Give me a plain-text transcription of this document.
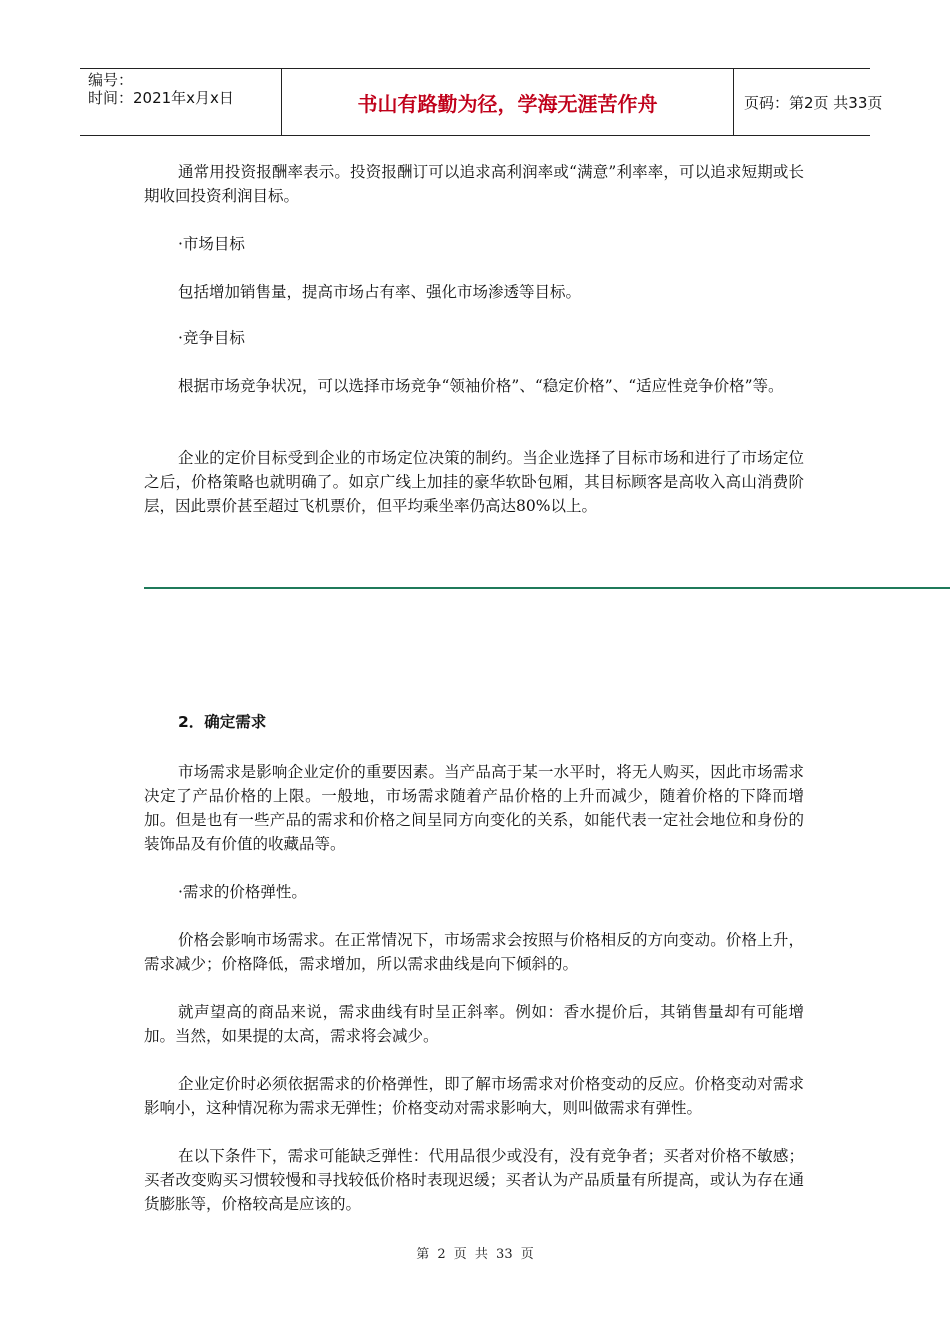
编号：
时间：2021年x月x日	书山有路勤为径，学海无涯苦作舟	页码：第2页 共33页

通常用投资报酬率表示。投资报酬订可以追求高利润率或“满意”利率率，可以追求短期或长期收回投资利润目标。

·市场目标

包括增加销售量，提高市场占有率、强化市场渗透等目标。

·竞争目标

根据市场竞争状况，可以选择市场竞争“领袖价格”、“稳定价格”、“适应性竞争价格”等。

企业的定价目标受到企业的市场定位决策的制约。当企业选择了目标市场和进行了市场定位之后，价格策略也就明确了。如京广线上加挂的豪华软卧包厢，其目标顾客是高收入高山消费阶层，因此票价甚至超过飞机票价，但平均乘坐率仍高达80%以上。

2．确定需求

市场需求是影响企业定价的重要因素。当产品高于某一水平时，将无人购买，因此市场需求决定了产品价格的上限。一般地，市场需求随着产品价格的上升而减少，随着价格的下降而增加。但是也有一些产品的需求和价格之间呈同方向变化的关系，如能代表一定社会地位和身份的装饰品及有价值的收藏品等。

·需求的价格弹性。

价格会影响市场需求。在正常情况下，市场需求会按照与价格相反的方向变动。价格上升，需求减少；价格降低，需求增加，所以需求曲线是向下倾斜的。

就声望高的商品来说，需求曲线有时呈正斜率。例如：香水提价后，其销售量却有可能增加。当然，如果提的太高，需求将会减少。

企业定价时必须依据需求的价格弹性，即了解市场需求对价格变动的反应。价格变动对需求影响小，这种情况称为需求无弹性；价格变动对需求影响大，则叫做需求有弹性。

在以下条件下，需求可能缺乏弹性：代用品很少或没有，没有竞争者；买者对价格不敏感；买者改变购买习惯较慢和寻找较低价格时表现迟缓；买者认为产品质量有所提高，或认为存在通货膨胀等，价格较高是应该的。

第 2 页 共 33 页
